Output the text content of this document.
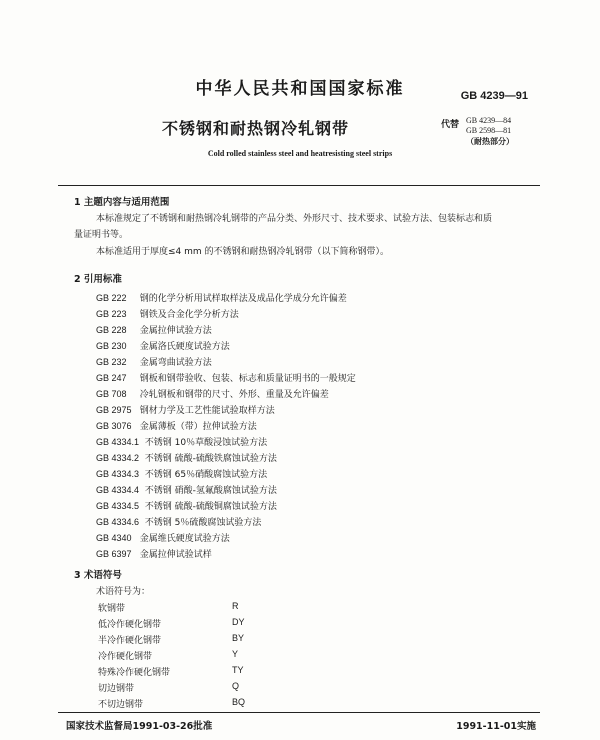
中华人民共和国国家标准	GB 4239—91
不锈钢和耐热钢冷轧钢带	代替 GB 4239—84
GB 2598—81
（耐热部分）
Cold rolled stainless steel and heatresisting steel strips
1 主题内容与适用范围
本标准规定了不锈钢和耐热钢冷轧钢带的产品分类、外形尺寸、技术要求、试验方法、包装标志和质
量证明书等。
本标准适用于厚度≤4 mm 的不锈钢和耐热钢冷轧钢带（以下简称钢带）。
2 引用标准
GB 222 钢的化学分析用试样取样法及成品化学成分允许偏差
GB 223 钢铁及合金化学分析方法
GB 228 金属拉伸试验方法
GB 230 金属洛氏硬度试验方法
GB 232 金属弯曲试验方法
GB 247 钢板和钢带验收、包装、标志和质量证明书的一般规定
GB 708 冷轧钢板和钢带的尺寸、外形、重量及允许偏差
GB 2975 钢材力学及工艺性能试验取样方法
GB 3076 金属薄板（带）拉伸试验方法
GB 4334.1 不锈钢 10％草酸浸蚀试验方法
GB 4334.2 不锈钢 硫酸-硫酸铁腐蚀试验方法
GB 4334.3 不锈钢 65％硝酸腐蚀试验方法
GB 4334.4 不锈钢 硝酸-氢氟酸腐蚀试验方法
GB 4334.5 不锈钢 硫酸-硫酸铜腐蚀试验方法
GB 4334.6 不锈钢 5％硫酸腐蚀试验方法
GB 4340 金属维氏硬度试验方法
GB 6397 金属拉伸试验试样
3 术语符号
术语符号为：
软钢带	R
低冷作硬化钢带	DY
半冷作硬化钢带	BY
冷作硬化钢带	Y
特殊冷作硬化钢带	TY
切边钢带	Q
不切边钢带	BQ
国家技术监督局1991-03-26批准	1991-11-01实施
